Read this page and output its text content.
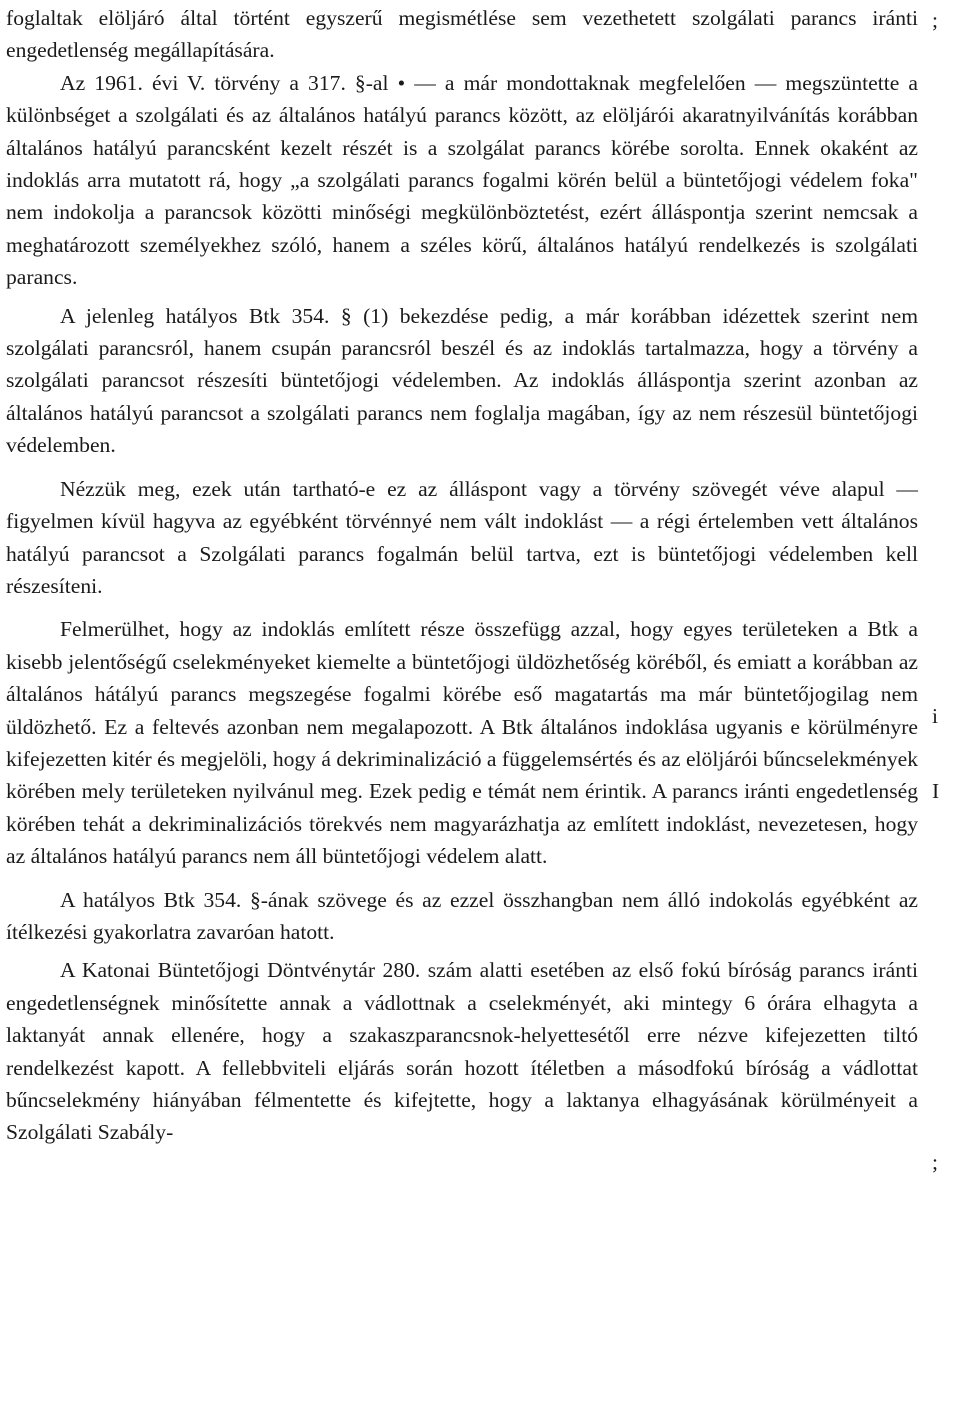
foglaltak elöljáró által történt egyszerű megismétlése sem vezethetett szolgálati parancs iránti engedetlenség megállapítására.

Az 1961. évi V. törvény a 317. §-al • — a már mondottaknak megfelelően — megszüntette a különbséget a szolgálati és az általános hatályú parancs között, az elöljárói akaratnyilvánítás korábban általános hatályú parancsként kezelt részét is a szolgálat parancs körébe sorolta. Ennek okaként az indoklás arra mutatott rá, hogy „a szolgálati parancs fogalmi körén belül a büntetőjogi védelem foka" nem indokolja a parancsok közötti minőségi megkülönböztetést, ezért álláspontja szerint nemcsak a meghatározott személyekhez szóló, hanem a széles körű, általános hatályú rendelkezés is szolgálati parancs.

A jelenleg hatályos Btk 354. § (1) bekezdése pedig, a már korábban idézettek szerint nem szolgálati parancsról, hanem csupán parancsról beszél és az indoklás tartalmazza, hogy a törvény a szolgálati parancsot részesíti büntetőjogi védelemben. Az indoklás álláspontja szerint azonban az általános hatályú parancsot a szolgálati parancs nem foglalja magában, így az nem részesül büntetőjogi védelemben.

Nézzük meg, ezek után tartható-e ez az álláspont vagy a törvény szövegét véve alapul — figyelmen kívül hagyva az egyébként törvénnyé nem vált indoklást — a régi értelemben vett általános hatályú parancsot a Szolgálati parancs fogalmán belül tartva, ezt is büntetőjogi védelemben kell részesíteni.

Felmerülhet, hogy az indoklás említett része összefügg azzal, hogy egyes területeken a Btk a kisebb jelentőségű cselekményeket kiemelte a büntetőjogi üldözhetőség köréből, és emiatt a korábban az általános hátályú parancs megszegése fogalmi körébe eső magatartás ma már büntetőjogilag nem üldözhető. Ez a feltevés azonban nem megalapozott. A Btk általános indoklása ugyanis e körülményre kifejezetten kitér és megjelöli, hogy á dekriminalizáció a függelemsértés és az elöljárói bűncselekmények körében mely területeken nyilvánul meg. Ezek pedig e témát nem érintik. A parancs iránti engedetlenség körében tehát a dekriminalizációs törekvés nem magyarázhatja az említett indoklást, nevezetesen, hogy az általános hatályú parancs nem áll büntetőjogi védelem alatt.

A hatályos Btk 354. §-ának szövege és az ezzel összhangban nem álló indokolás egyébként az ítélkezési gyakorlatra zavaróan hatott.

A Katonai Büntetőjogi Döntvénytár 280. szám alatti esetében az első fokú bíróság parancs iránti engedetlenségnek minősítette annak a vádlottnak a cselekményét, aki mintegy 6 órára elhagyta a laktanyát annak ellenére, hogy a szakaszparancsnok-helyettesétől erre nézve kifejezetten tiltó rendelkezést kapott. A fellebbviteli eljárás során hozott ítéletben a másodfokú bíróság a vádlottat bűncselekmény hiányában félmentette és kifejtette, hogy a laktanya elhagyásának körülményeit a Szolgálati Szabály-

;
i
I
;
